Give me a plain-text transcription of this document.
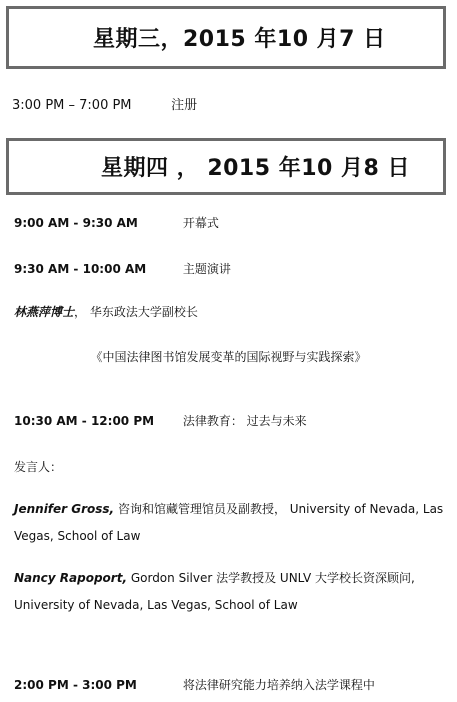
星期三，2015 年10 月7 日
3:00 PM – 7:00 PM	注册
星期四 ， 2015 年10 月8 日
9:00 AM - 9:30 AM	开幕式
9:30 AM - 10:00 AM	主题演讲
林燕萍博士， 华东政法大学副校长
《中国法律图书馆发展变革的国际视野与实践探索》
10:30 AM - 12:00 PM 法律教育： 过去与未来
发言人：
Jennifer Gross, 咨询和馆藏管理馆员及副教授， University of Nevada, Las Vegas, School of Law
Nancy Rapoport, Gordon Silver 法学教授及 UNLV 大学校长资深顾问, University of Nevada, Las Vegas, School of Law
2:00 PM - 3:00 PM	将法律研究能力培养纳入法学课程中
